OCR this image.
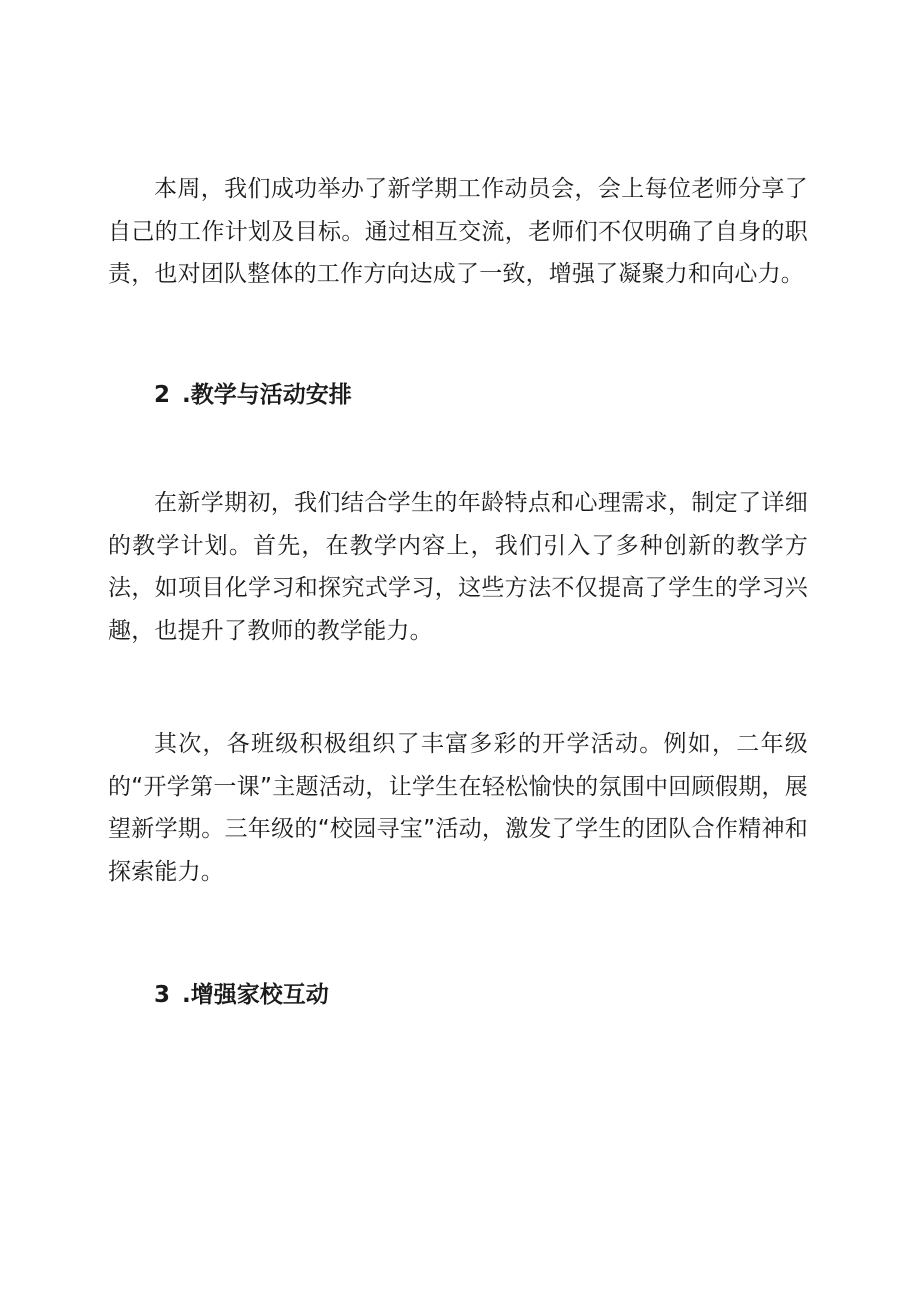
本周，我们成功举办了新学期工作动员会，会上每位老师分享了自己的工作计划及目标。通过相互交流，老师们不仅明确了自身的职责，也对团队整体的工作方向达成了一致，增强了凝聚力和向心力。

2 .教学与活动安排

在新学期初，我们结合学生的年龄特点和心理需求，制定了详细的教学计划。首先，在教学内容上，我们引入了多种创新的教学方法，如项目化学习和探究式学习，这些方法不仅提高了学生的学习兴趣，也提升了教师的教学能力。

其次，各班级积极组织了丰富多彩的开学活动。例如，二年级的“开学第一课”主题活动，让学生在轻松愉快的氛围中回顾假期，展望新学期。三年级的“校园寻宝”活动，激发了学生的团队合作精神和探索能力。

3 .增强家校互动
